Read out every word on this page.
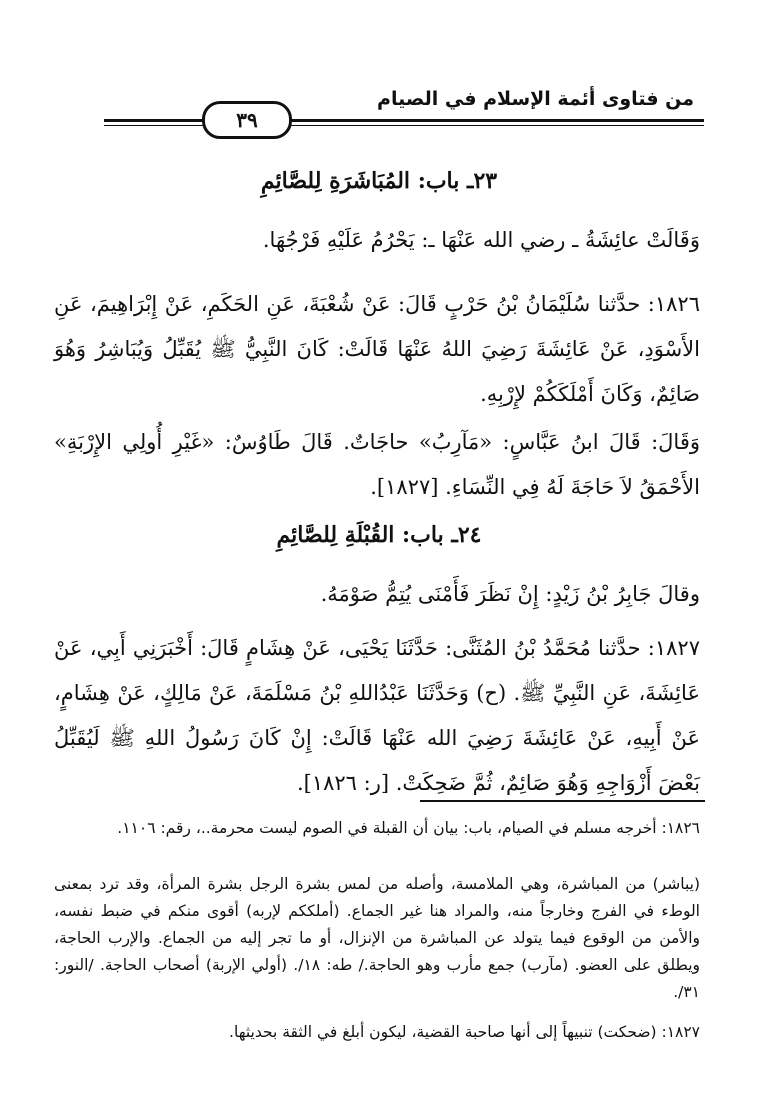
من فتاوى أئمة الإسلام في الصيام
٣٩
٢٣ـ باب: المُبَاشَرَةِ لِلصَّائِمِ
وَقَالَتْ عائِشَةُ ـ رضي الله عَنْهَا ـ: يَحْرُمُ عَلَيْهِ فَرْجُهَا.
١٨٢٦: حدَّثنا سُلَيْمَانُ بْنُ حَرْبٍ قَالَ: عَنْ شُعْبَةَ، عَنِ الحَكَمِ، عَنْ إِبْرَاهِيمَ، عَنِ الأَسْوَدِ، عَنْ عَائِشَةَ رَضِيَ اللهُ عَنْهَا قَالَتْ: كَانَ النَّبِيُّ ﷺ يُقَبِّلُ وَيُبَاشِرُ وَهُوَ صَائِمٌ، وَكَانَ أَمْلَكَكُمْ لإِرْبِهِ.
وَقَالَ: قَالَ ابنُ عَبَّاسٍ: «مَآرِبُ» حاجَاتٌ. قَالَ طَاوُسٌ: «غَيْرِ أُولِي الإِرْبَةِ» الأَحْمَقُ لاَ حَاجَةَ لَهُ فِي النِّسَاءِ. [١٨٢٧].
٢٤ـ باب: القُبْلَةِ لِلصَّائِمِ
وقالَ جَابِرُ بْنُ زَيْدٍ: إِنْ نَظَرَ فَأَمْنَى يُتِمُّ صَوْمَهُ.
١٨٢٧: حدَّثنا مُحَمَّدُ بْنُ المُثَنَّى: حَدَّثَنَا يَحْيَى، عَنْ هِشَامٍ قَالَ: أَخْبَرَنِي أَبِي، عَنْ عَائِشَةَ، عَنِ النَّبِيِّ ﷺ. (ح) وَحَدَّثَنَا عَبْدُاللهِ بْنُ مَسْلَمَةَ، عَنْ مَالِكٍ، عَنْ هِشَامٍ، عَنْ أَبِيهِ، عَنْ عَائِشَةَ رَضِيَ الله عَنْهَا قَالَتْ: إِنْ كَانَ رَسُولُ اللهِ ﷺ لَيُقَبِّلُ بَعْضَ أَزْوَاجِهِ وَهُوَ صَائِمٌ، ثُمَّ ضَحِكَتْ. [ر: ١٨٢٦].
١٨٢٦: أخرجه مسلم في الصيام، باب: بيان أن القبلة في الصوم ليست محرمة..، رقم: ١١٠٦.
(يباشر) من المباشرة، وهي الملامسة، وأصله من لمس بشرة الرجل بشرة المرأة، وقد ترد بمعنى الوطء في الفرج وخارجاً منه، والمراد هنا غير الجماع. (أملككم لإربه) أقوى منكم في ضبط نفسه، والأمن من الوقوع فيما يتولد عن المباشرة من الإنزال، أو ما تجر إليه من الجماع. والإرب الحاجة، ويطلق على العضو. (مآرب) جمع مأرب وهو الحاجة./ طه: ١٨/. (أولي الإربة) أصحاب الحاجة. /النور: ٣١/.
١٨٢٧: (ضحكت) تنبيهاً إلى أنها صاحبة القضية، ليكون أبلغ في الثقة بحديثها.
